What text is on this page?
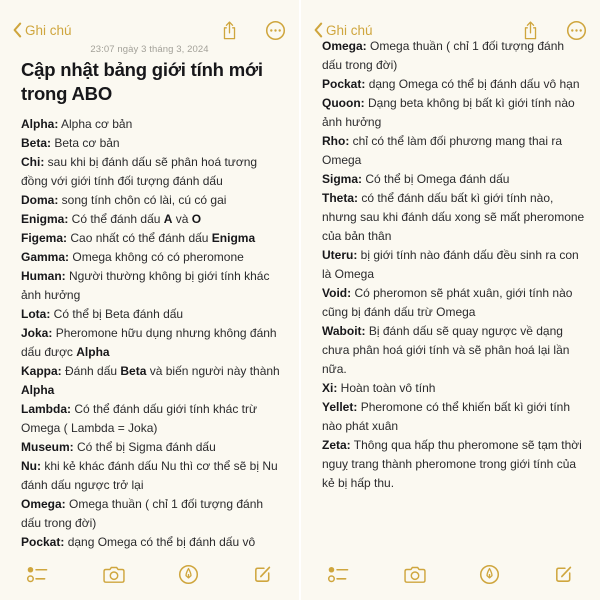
Ghi chú
23:07 ngày 3 tháng 3, 2024
Cập nhật bảng giới tính mới trong ABO

Alpha: Alpha cơ bản

Beta: Beta cơ bản

Chi: sau khi bị đánh dấu sẽ phân hoá tương đồng với giới tính đối tượng đánh dấu

Doma: song tính chôn có lài, cú có gai

Enigma: Có thể đánh dấu A và O

Figema: Cao nhất có thể đánh dấu Enigma

Gamma: Omega không có có pheromone

Human: Người thường không bị giới tính khác ảnh hưởng

Lota: Có thể bị Beta đánh dấu

Joka: Pheromone hữu dụng nhưng không đánh dấu được Alpha

Kappa: Đánh dấu Beta và biến người này thành Alpha

Lambda: Có thể đánh dấu giới tính khác trừ Omega ( Lambda = Joka)

Museum: Có thể bị Sigma đánh dấu

Nu: khi kẻ khác đánh dấu Nu thì cơ thể sẽ bị Nu đánh dấu ngược trở lại

Omega: Omega thuần ( chỉ 1 đối tượng đánh dấu trong đời)

Pockat: dạng Omega có thể bị đánh dấu vô

Ghi chú

Omega: Omega thuần ( chỉ 1 đối tượng đánh dấu trong đời)

Pockat: dạng Omega có thể bị đánh dấu vô hạn

Quoon: Dạng beta không bị bất kì giới tính nào ảnh hưởng

Rho: chỉ có thể làm đối phương mang thai ra Omega

Sigma: Có thể bị Omega đánh dấu

Theta: có thể đánh dấu bất kì giới tính nào, nhưng sau khi đánh dấu xong sẽ mất pheromone của bản thân

Uteru: bị giới tính nào đánh dấu đều sinh ra con là Omega

Void: Có pheromon sẽ phát xuân, giới tính nào cũng bị đánh dấu trừ Omega

Waboit: Bị đánh dấu sẽ quay ngược về dạng chưa phân hoá giới tính và sẽ phân hoá lại lần nữa.

Xi: Hoàn toàn vô tính

Yellet: Pheromone có thể khiến bất kì giới tính nào phát xuân

Zeta: Thông qua hấp thu pheromone sẽ tạm thời nguỵ trang thành pheromone trong giới tính của kẻ bị hấp thu.
